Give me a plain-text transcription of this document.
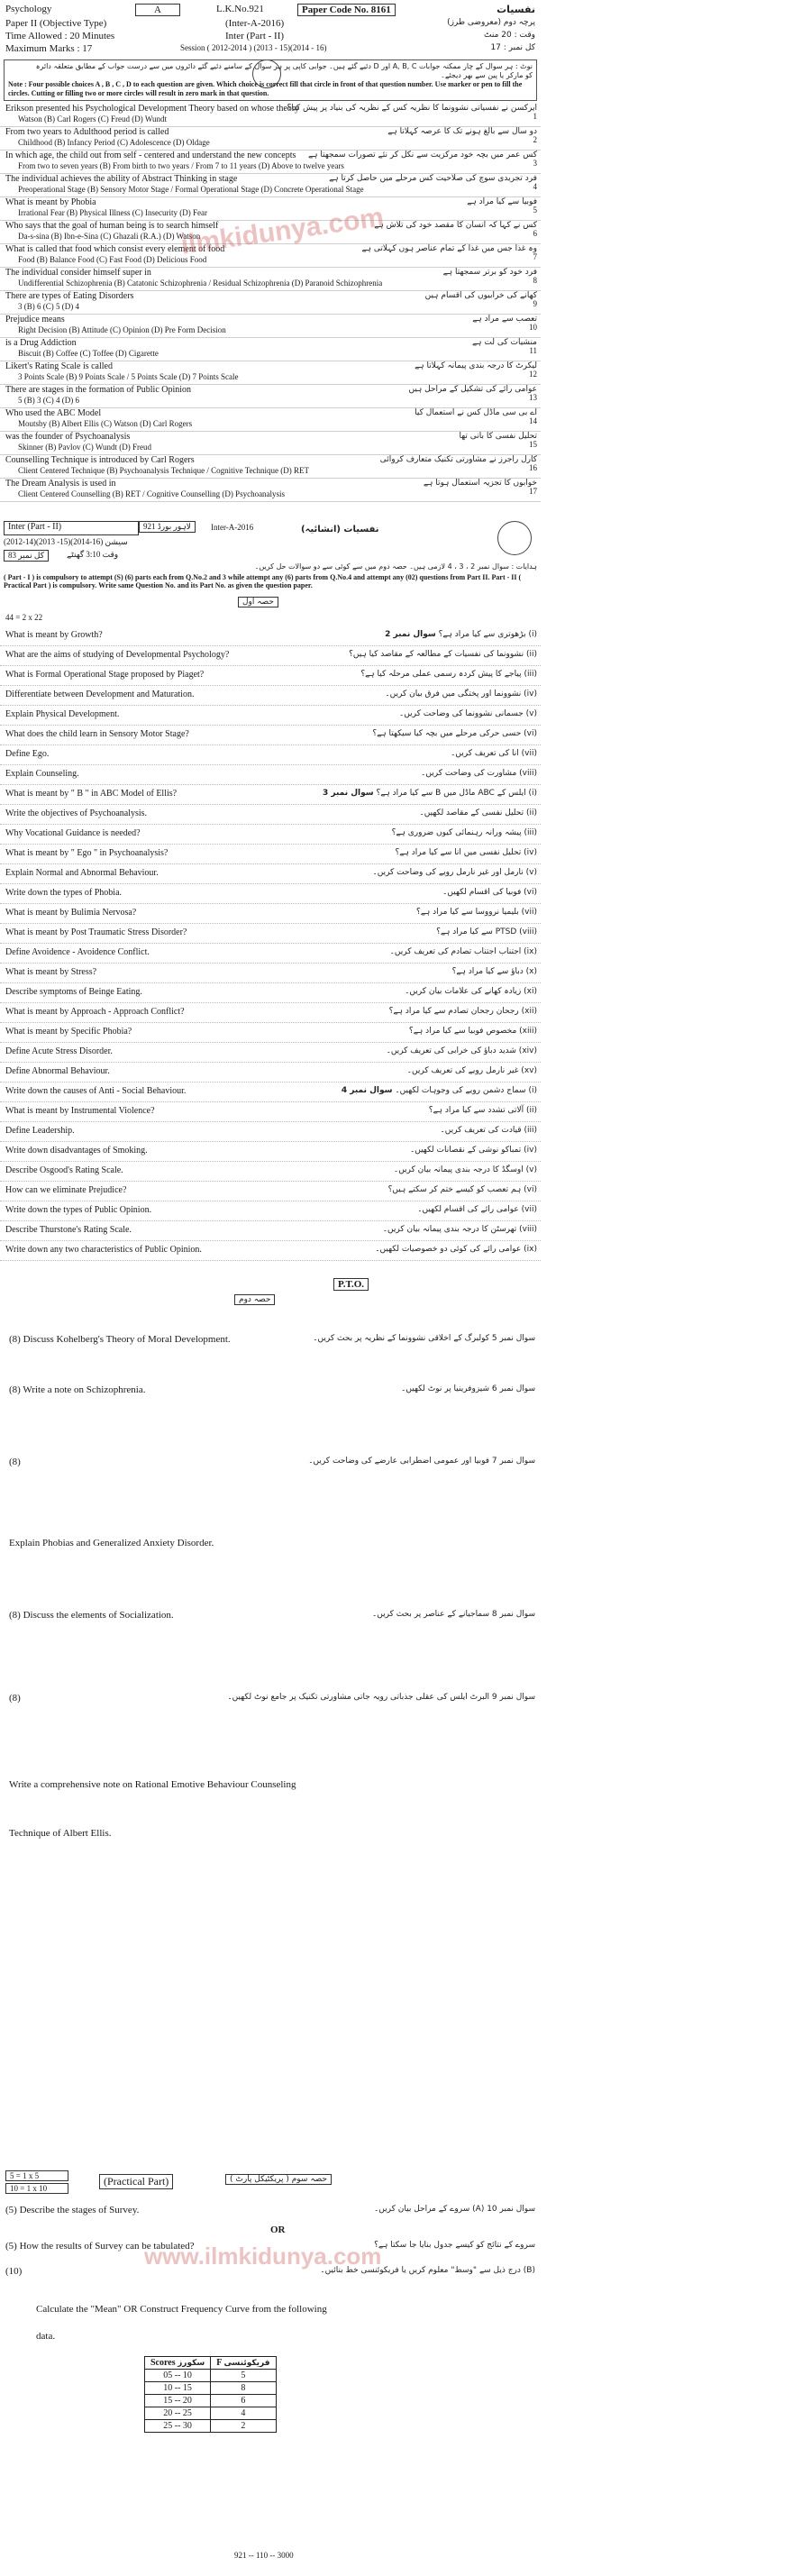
Psychology	A	L.K.No.921	Paper Code No. 8161	نفسیات
Paper II (Objective Type)	(Inter-A-2016)	پرچہ دوم (معروضی طرز)
Time Allowed : 20 Minutes	Inter (Part - II)	وقت : 20 منٹ
Maximum Marks : 17	Session ( 2012-2014 ) (2013 - 15)(2014 - 16)	کل نمبر : 17
نوٹ : ہر سوال کے چار ممکنہ جوابات A, B, C اور D دئیے گئے ہیں۔ جوابی کاپی پر ہر سوال کے سامنے دئیے گئے دائروں میں سے درست جواب کے مطابق متعلقہ دائرہ کو مارکر یا پین سے بھر دیجئے۔
Note : Four possible choices A , B , C , D to each question are given. Which choice is correct fill that circle in front of that question number. Use marker or pen to fill the circles. Cutting or filling two or more circles will result in zero mark in that question.
Erikson presented his Psychological Development Theory based on whose theory
Watson (B) Carl Rogers (C) Freud (D) Wundt
ایرکسن نے نفسیاتی نشوونما کا نظریہ کس کے نظریہ کی بنیاد پر پیش کیا؟
1
From two years to Adulthood period is called
Childhood (B) Infancy Period (C) Adolescence (D) Oldage
دو سال سے بالغ ہونے تک کا عرصہ کہلاتا ہے
2
In which age, the child out from self - centered and understand the new concepts
From two to seven years (B) From birth to two years / From 7 to 11 years (D) Above to twelve years
کس عمر میں بچہ خود مرکزیت سے نکل کر نئے تصورات سمجھتا ہے
3
The individual achieves the ability of Abstract Thinking in stage
Preoperational Stage (B) Sensory Motor Stage / Formal Operational Stage (D) Concrete Operational Stage
فرد تجریدی سوچ کی صلاحیت کس مرحلے میں حاصل کرتا ہے
4
What is meant by Phobia
Irrational Fear (B) Physical Illness (C) Insecurity (D) Fear
فوبیا سے کیا مراد ہے
5
Who says that the goal of human being is to search himself
Da-s-sina (B) Ibn-e-Sina (C) Ghazali (R.A.) (D) Watson
کس نے کہا کہ انسان کا مقصد خود کی تلاش ہے
6
What is called that food which consist every element of food
Food (B) Balance Food (C) Fast Food (D) Delicious Food
وہ غذا جس میں غذا کے تمام عناصر ہوں کہلاتی ہے
7
The individual consider himself super in
Undifferential Schizophrenia (B) Catatonic Schizophrenia / Residual Schizophrenia (D) Paranoid Schizophrenia
فرد خود کو برتر سمجھتا ہے
8
There are types of Eating Disorders
3 (B) 6 (C) 5 (D) 4
کھانے کی خرابیوں کی اقسام ہیں
9
Prejudice means
Right Decision (B) Attitude (C) Opinion (D) Pre Form Decision
تعصب سے مراد ہے
10
is a Drug Addiction
Biscuit (B) Coffee (C) Toffee (D) Cigarette
منشیات کی لت ہے
11
Likert's Rating Scale is called
3 Points Scale (B) 9 Points Scale / 5 Points Scale (D) 7 Points Scale
لیکرٹ کا درجہ بندی پیمانہ کہلاتا ہے
12
There are stages in the formation of Public Opinion
5 (B) 3 (C) 4 (D) 6
عوامی رائے کی تشکیل کے مراحل ہیں
13
Who used the ABC Model
Moutsby (B) Albert Ellis (C) Watson (D) Carl Rogers
اے بی سی ماڈل کس نے استعمال کیا
14
was the founder of Psychoanalysis
Skinner (B) Pavlov (C) Wundt (D) Freud
تحلیل نفسی کا بانی تھا
15
Counselling Technique is introduced by Carl Rogers
Client Centered Technique (B) Psychoanalysis Technique / Cognitive Technique (D) RET
کارل راجرز نے مشاورتی تکنیک متعارف کروائی
16
The Dream Analysis is used in
Client Centered Counselling (B) RET / Cognitive Counselling (D) Psychoanalysis
خوابوں کا تجزیہ استعمال ہوتا ہے
17
ilmkidunya.com
www.ilmkidunya.com
Inter (Part - II)
(2012-14)(2013 -15)(2014-16) سیشن
لاہور بورڈ 921	Inter-A-2016
کل نمبر 83	وقت 3:10 گھنٹے
نفسیات (انشائیہ)
ہدایات : سوال نمبر 2 ، 3 ، 4 لازمی ہیں۔ حصہ دوم میں سے کوئی سے دو سوالات حل کریں۔
( Part - I ) is compulsory to attempt (S) (6) parts each from Q.No.2 and 3 while attempt any (6) parts from Q.No.4 and attempt any (02) questions from Part II. Part - II ( Practical Part ) is compulsory. Write same Question No. and its Part No. as given the question paper.
حصہ اول
44 = 2 x 22
What is meant by Growth?	(i) بڑھوتری سے کیا مراد ہے؟ سوال نمبر 2
What are the aims of studying of Developmental Psychology?	(ii) نشوونما کی نفسیات کے مطالعہ کے مقاصد کیا ہیں؟
What is Formal Operational Stage proposed by Piaget?	(iii) پیاجے کا پیش کردہ رسمی عملی مرحلہ کیا ہے؟
Differentiate between Development and Maturation.	(iv) نشوونما اور پختگی میں فرق بیان کریں۔
Explain Physical Development.	(v) جسمانی نشوونما کی وضاحت کریں۔
What does the child learn in Sensory Motor Stage?	(vi) حسی حرکی مرحلے میں بچہ کیا سیکھتا ہے؟
Define Ego.	(vii) انا کی تعریف کریں۔
Explain Counseling.	(viii) مشاورت کی وضاحت کریں۔
What is meant by " B " in ABC Model of Ellis?	(i) ایلس کے ABC ماڈل میں B سے کیا مراد ہے؟ سوال نمبر 3
Write the objectives of Psychoanalysis.	(ii) تحلیل نفسی کے مقاصد لکھیں۔
Why Vocational Guidance is needed?	(iii) پیشہ ورانہ رہنمائی کیوں ضروری ہے؟
What is meant by " Ego " in Psychoanalysis?	(iv) تحلیل نفسی میں انا سے کیا مراد ہے؟
Explain Normal and Abnormal Behaviour.	(v) نارمل اور غیر نارمل رویے کی وضاحت کریں۔
Write down the types of Phobia.	(vi) فوبیا کی اقسام لکھیں۔
What is meant by Bulimia Nervosa?	(vii) بلیمیا نرووسا سے کیا مراد ہے؟
What is meant by Post Traumatic Stress Disorder?	(viii) PTSD سے کیا مراد ہے؟
Define Avoidence - Avoidence Conflict.	(ix) اجتناب اجتناب تصادم کی تعریف کریں۔
What is meant by Stress?	(x) دباؤ سے کیا مراد ہے؟
Describe symptoms of Beinge Eating.	(xi) زیادہ کھانے کی علامات بیان کریں۔
What is meant by Approach - Approach Conflict?	(xii) رجحان رجحان تصادم سے کیا مراد ہے؟
What is meant by Specific Phobia?	(xiii) مخصوص فوبیا سے کیا مراد ہے؟
Define Acute Stress Disorder.	(xiv) شدید دباؤ کی خرابی کی تعریف کریں۔
Define Abnormal Behaviour.	(xv) غیر نارمل رویے کی تعریف کریں۔
Write down the causes of Anti - Social Behaviour.	(i) سماج دشمن رویے کی وجوہات لکھیں۔ سوال نمبر 4
What is meant by Instrumental Violence?	(ii) آلاتی تشدد سے کیا مراد ہے؟
Define Leadership.	(iii) قیادت کی تعریف کریں۔
Write down disadvantages of Smoking.	(iv) تمباکو نوشی کے نقصانات لکھیں۔
Describe Osgood's Rating Scale.	(v) اوسگڈ کا درجہ بندی پیمانہ بیان کریں۔
How can we eliminate Prejudice?	(vi) ہم تعصب کو کیسے ختم کر سکتے ہیں؟
Write down the types of Public Opinion.	(vii) عوامی رائے کی اقسام لکھیں۔
Describe Thurstone's Rating Scale.	(viii) تھرسٹن کا درجہ بندی پیمانہ بیان کریں۔
Write down any two characteristics of Public Opinion.	(ix) عوامی رائے کی کوئی دو خصوصیات لکھیں۔
P.T.O.
حصہ دوم
(8) Discuss Kohelberg's Theory of Moral Development.	سوال نمبر 5 کولبرگ کے اخلاقی نشوونما کے نظریہ پر بحث کریں۔
(8) Write a note on Schizophrenia.	سوال نمبر 6 شیزوفرینیا پر نوٹ لکھیں۔
(8)	سوال نمبر 7 فوبیا اور عمومی اضطرابی عارضے کی وضاحت کریں۔
Explain Phobias and Generalized Anxiety Disorder.
(8) Discuss the elements of Socialization.	سوال نمبر 8 سماجیانے کے عناصر پر بحث کریں۔
(8)	سوال نمبر 9 البرٹ ایلس کی عقلی جذباتی رویہ جاتی مشاورتی تکنیک پر جامع نوٹ لکھیں۔
Write a comprehensive note on Rational Emotive Behaviour Counseling
Technique of Albert Ellis.
5 = 1 x 5
10 = 1 x 10
(Practical Part)	حصہ سوم ( پریکٹیکل پارٹ )
(5) Describe the stages of Survey.	سوال نمبر 10 (A) سروے کے مراحل بیان کریں۔
OR
(5) How the results of Survey can be tabulated?	سروے کے نتائج کو کیسے جدول بنایا جا سکتا ہے؟
(10)	(B) درج ذیل سے "وسط" معلوم کریں یا فریکوئنسی خط بنائیں۔
Calculate the "Mean" OR Construct Frequency Curve from the following
data.
Scores سکورز	F فریکوئنسی
05 -- 10	5
10 -- 15	8
15 -- 20	6
20 -- 25	4
25 -- 30	2
921 -- 110 -- 3000
